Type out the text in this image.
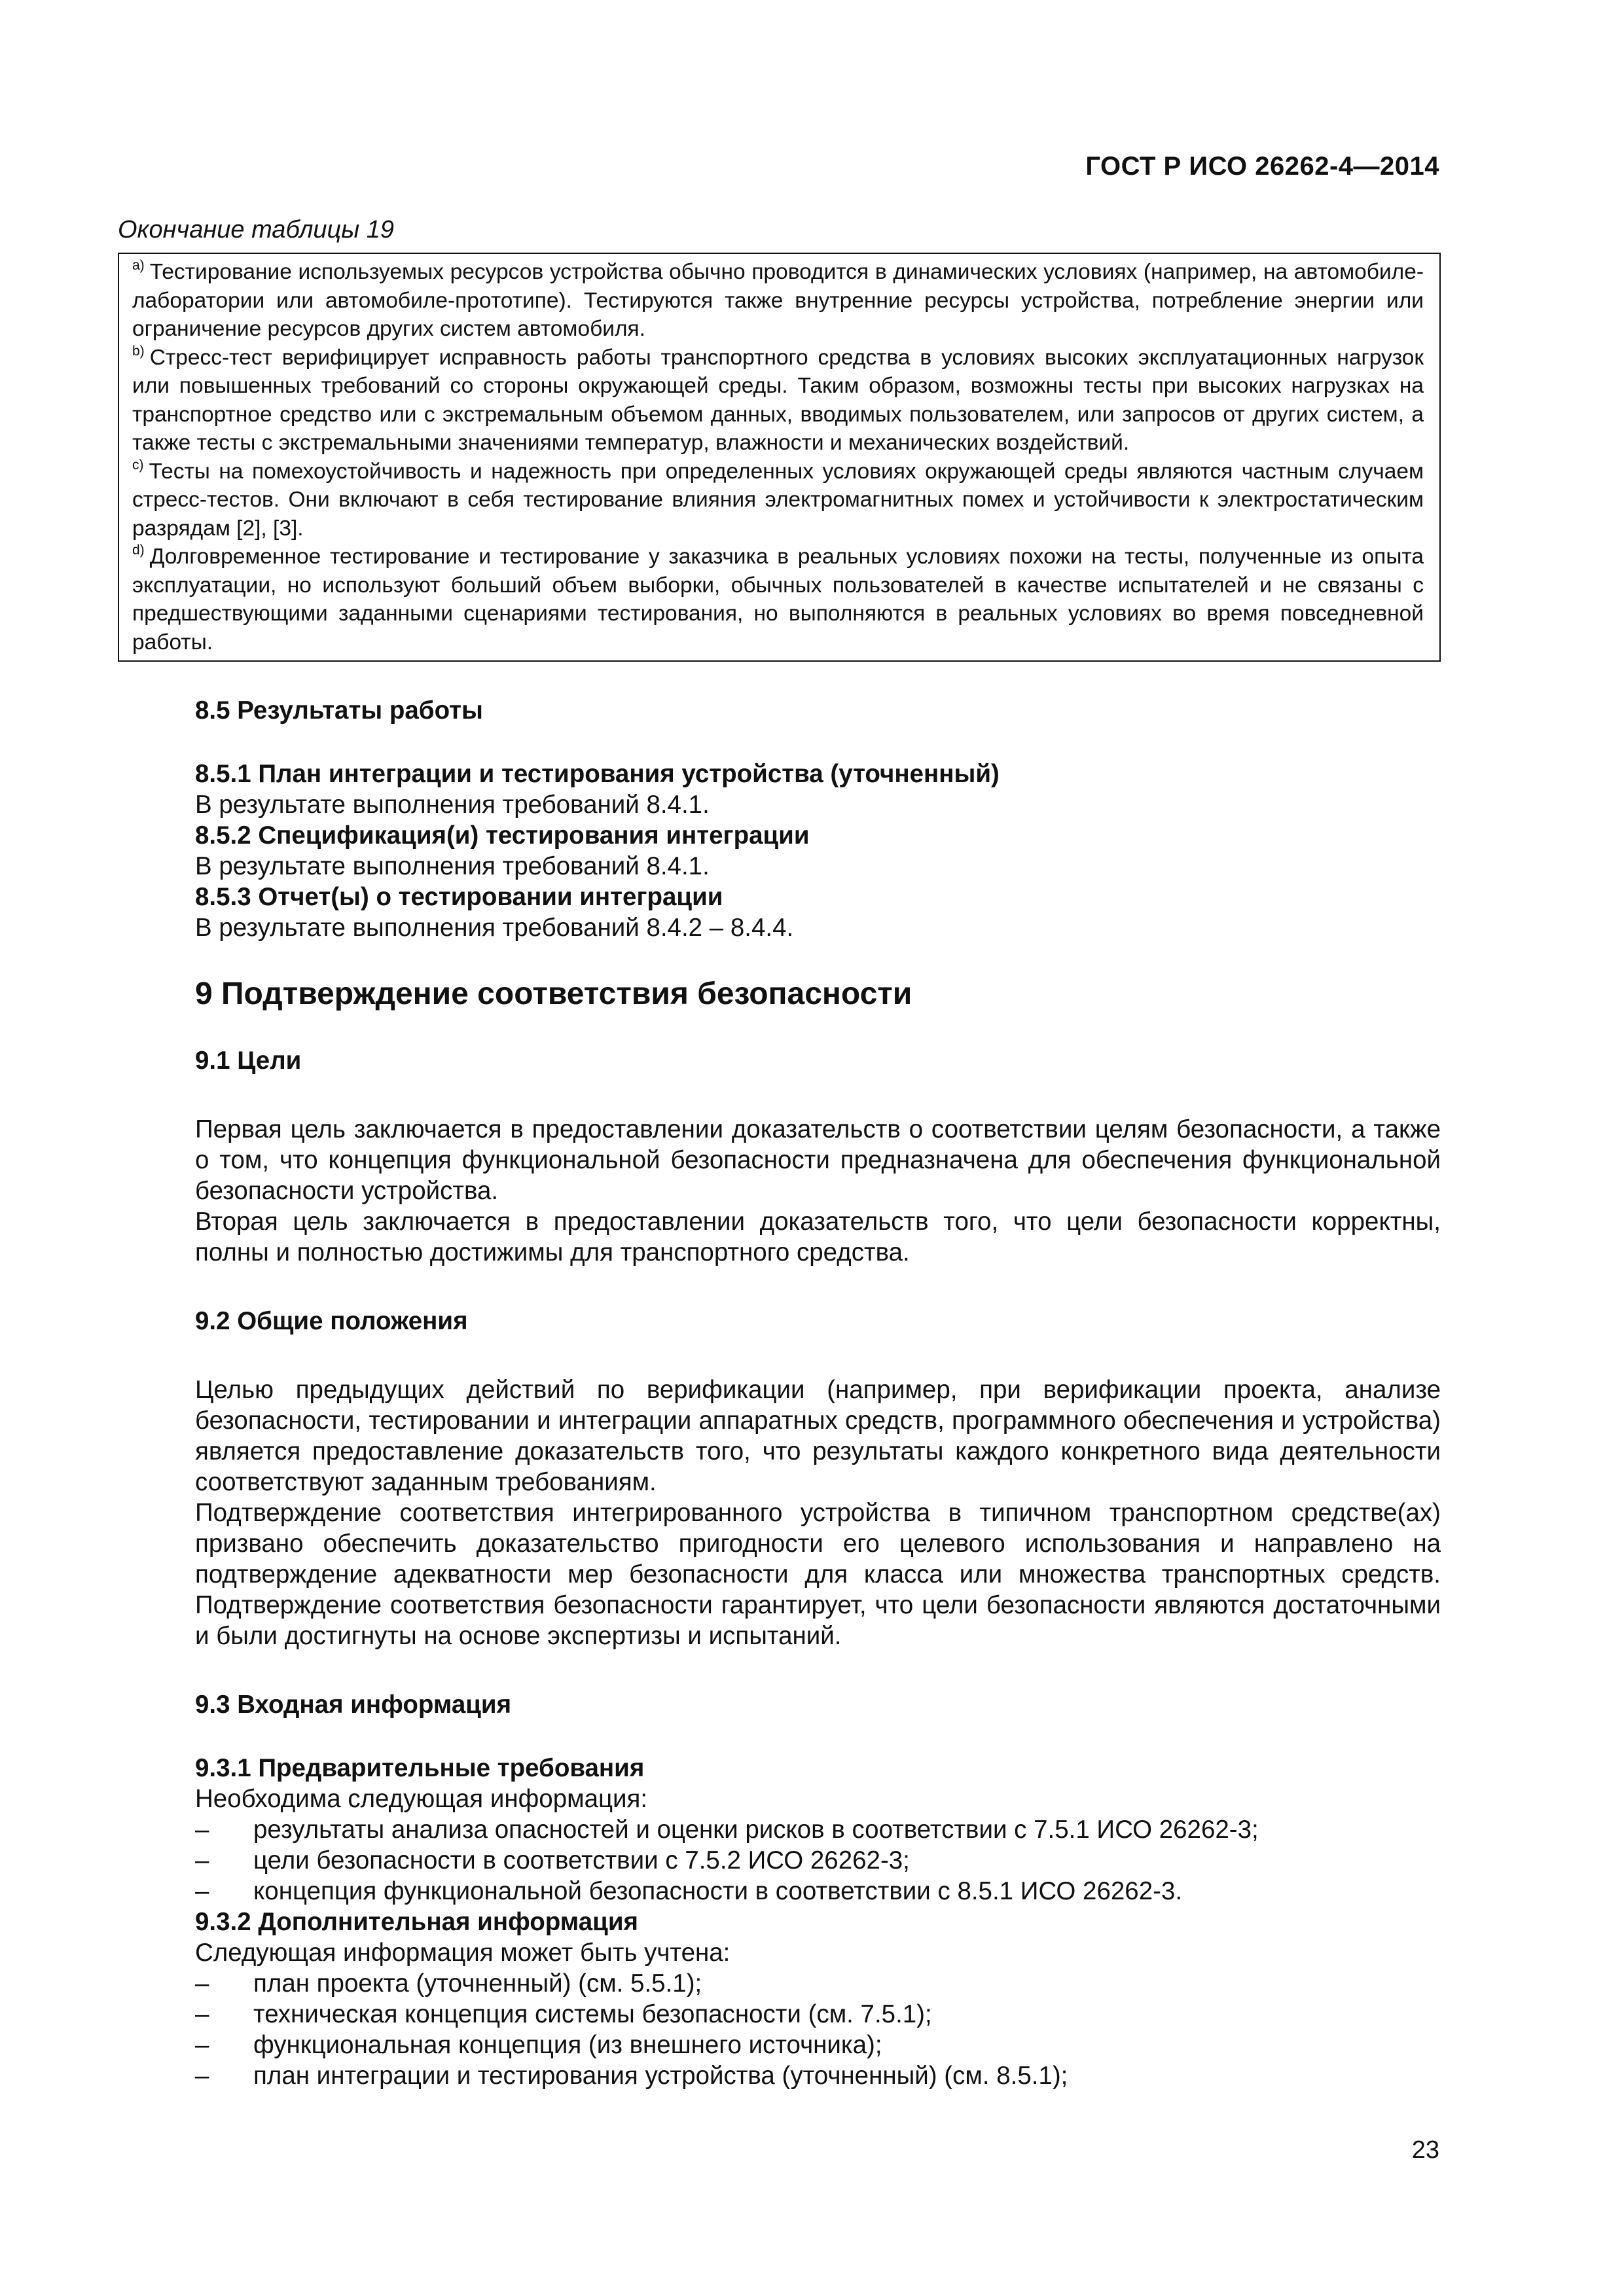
ГОСТ Р ИСО 26262-4—2014
Окончание таблицы 19

$^{a)}$ Тестирование используемых ресурсов устройства обычно проводится в динамических условиях (например, на автомобиле-лаборатории или автомобиле-прототипе). Тестируются также внутренние ресурсы устройства, потребление энергии или ограничение ресурсов других систем автомобиля.

$^{b)}$ Стресс-тест верифицирует исправность работы транспортного средства в условиях высоких эксплуатационных нагрузок или повышенных требований со стороны окружающей среды. Таким образом, возможны тесты при высоких нагрузках на транспортное средство или с экстремальным объемом данных, вводимых пользователем, или запросов от других систем, а также тесты с экстремальными значениями температур, влажности и механических воздействий.

$^{c)}$ Тесты на помехоустойчивость и надежность при определенных условиях окружающей среды являются частным случаем стресс-тестов. Они включают в себя тестирование влияния электромагнитных помех и устойчивости к электростатическим разрядам [2], [3].

$^{d)}$ Долговременное тестирование и тестирование у заказчика в реальных условиях похожи на тесты, полученные из опыта эксплуатации, но используют больший объем выборки, обычных пользователей в качестве испытателей и не связаны с предшествующими заданными сценариями тестирования, но выполняются в реальных условиях во время повседневной работы.

8.5 Результаты работы

8.5.1 План интеграции и тестирования устройства (уточненный)

В результате выполнения требований 8.4.1.

8.5.2 Спецификация(и) тестирования интеграции

В результате выполнения требований 8.4.1.

8.5.3 Отчет(ы) о тестировании интеграции

В результате выполнения требований 8.4.2 – 8.4.4.

9 Подтверждение соответствия безопасности

9.1 Цели

Первая цель заключается в предоставлении доказательств о соответствии целям безопасности, а также о том, что концепция функциональной безопасности предназначена для обеспечения функциональной безопасности устройства.

Вторая цель заключается в предоставлении доказательств того, что цели безопасности корректны, полны и полностью достижимы для транспортного средства.

9.2 Общие положения

Целью предыдущих действий по верификации (например, при верификации проекта, анализе безопасности, тестировании и интеграции аппаратных средств, программного обеспечения и устройства) является предоставление доказательств того, что результаты каждого конкретного вида деятельности соответствуют заданным требованиям.

Подтверждение соответствия интегрированного устройства в типичном транспортном средстве(ах) призвано обеспечить доказательство пригодности его целевого использования и направлено на подтверждение адекватности мер безопасности для класса или множества транспортных средств. Подтверждение соответствия безопасности гарантирует, что цели безопасности являются достаточными и были достигнуты на основе экспертизы и испытаний.

9.3 Входная информация

9.3.1 Предварительные требования

Необходима следующая информация:

– результаты анализа опасностей и оценки рисков в соответствии с 7.5.1 ИСО 26262-3;
– цели безопасности в соответствии с 7.5.2 ИСО 26262-3;
– концепция функциональной безопасности в соответствии с 8.5.1 ИСО 26262-3.

9.3.2 Дополнительная информация

Следующая информация может быть учтена:

– план проекта (уточненный) (см. 5.5.1);
– техническая концепция системы безопасности (см. 7.5.1);
– функциональная концепция (из внешнего источника);
– план интеграции и тестирования устройства (уточненный) (см. 8.5.1);
23
